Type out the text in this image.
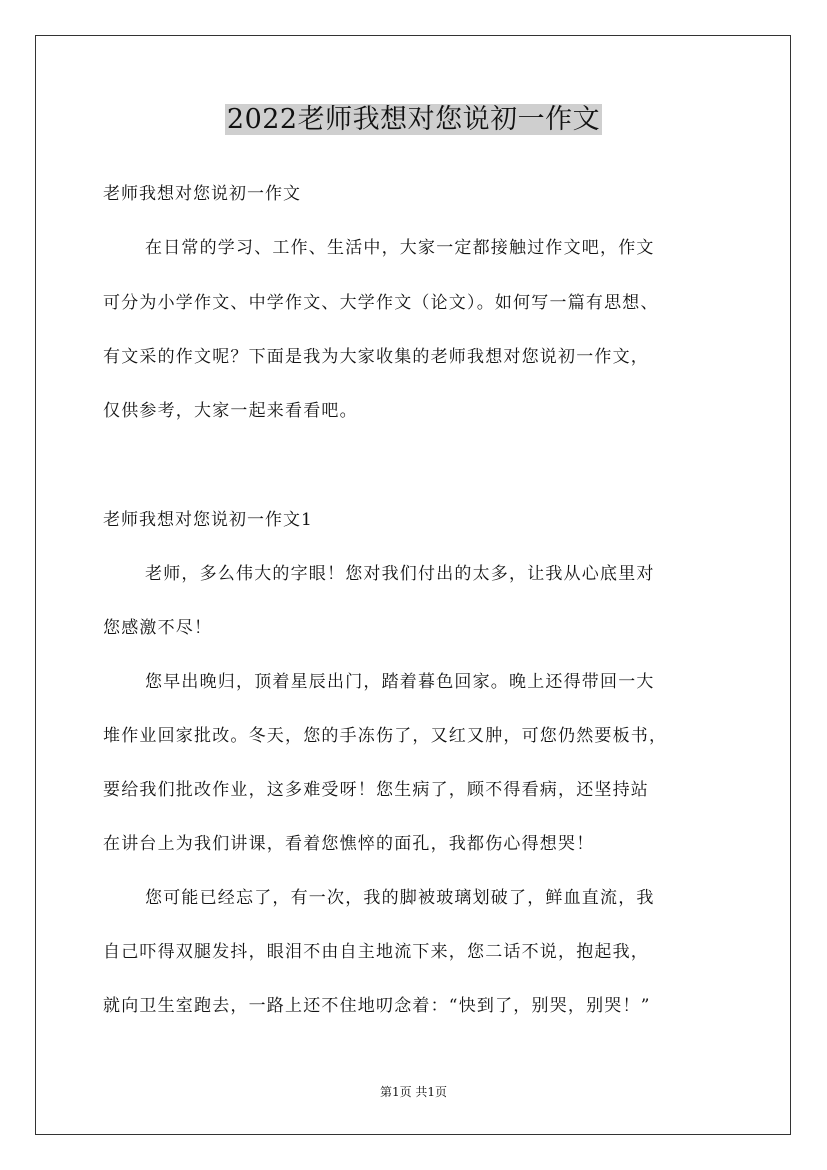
2022老师我想对您说初一作文
老师我想对您说初一作文
在日常的学习、工作、生活中，大家一定都接触过作文吧，作文
可分为小学作文、中学作文、大学作文（论文）。如何写一篇有思想、
有文采的作文呢？下面是我为大家收集的老师我想对您说初一作文，
仅供参考，大家一起来看看吧。
老师我想对您说初一作文1
老师，多么伟大的字眼！您对我们付出的太多，让我从心底里对
您感激不尽！
您早出晚归，顶着星辰出门，踏着暮色回家。晚上还得带回一大
堆作业回家批改。冬天，您的手冻伤了，又红又肿，可您仍然要板书，
要给我们批改作业，这多难受呀！您生病了，顾不得看病，还坚持站
在讲台上为我们讲课，看着您憔悴的面孔，我都伤心得想哭！
您可能已经忘了，有一次，我的脚被玻璃划破了，鲜血直流，我
自己吓得双腿发抖，眼泪不由自主地流下来，您二话不说，抱起我，
就向卫生室跑去，一路上还不住地叨念着：“快到了，别哭，别哭！”
第1页 共1页
